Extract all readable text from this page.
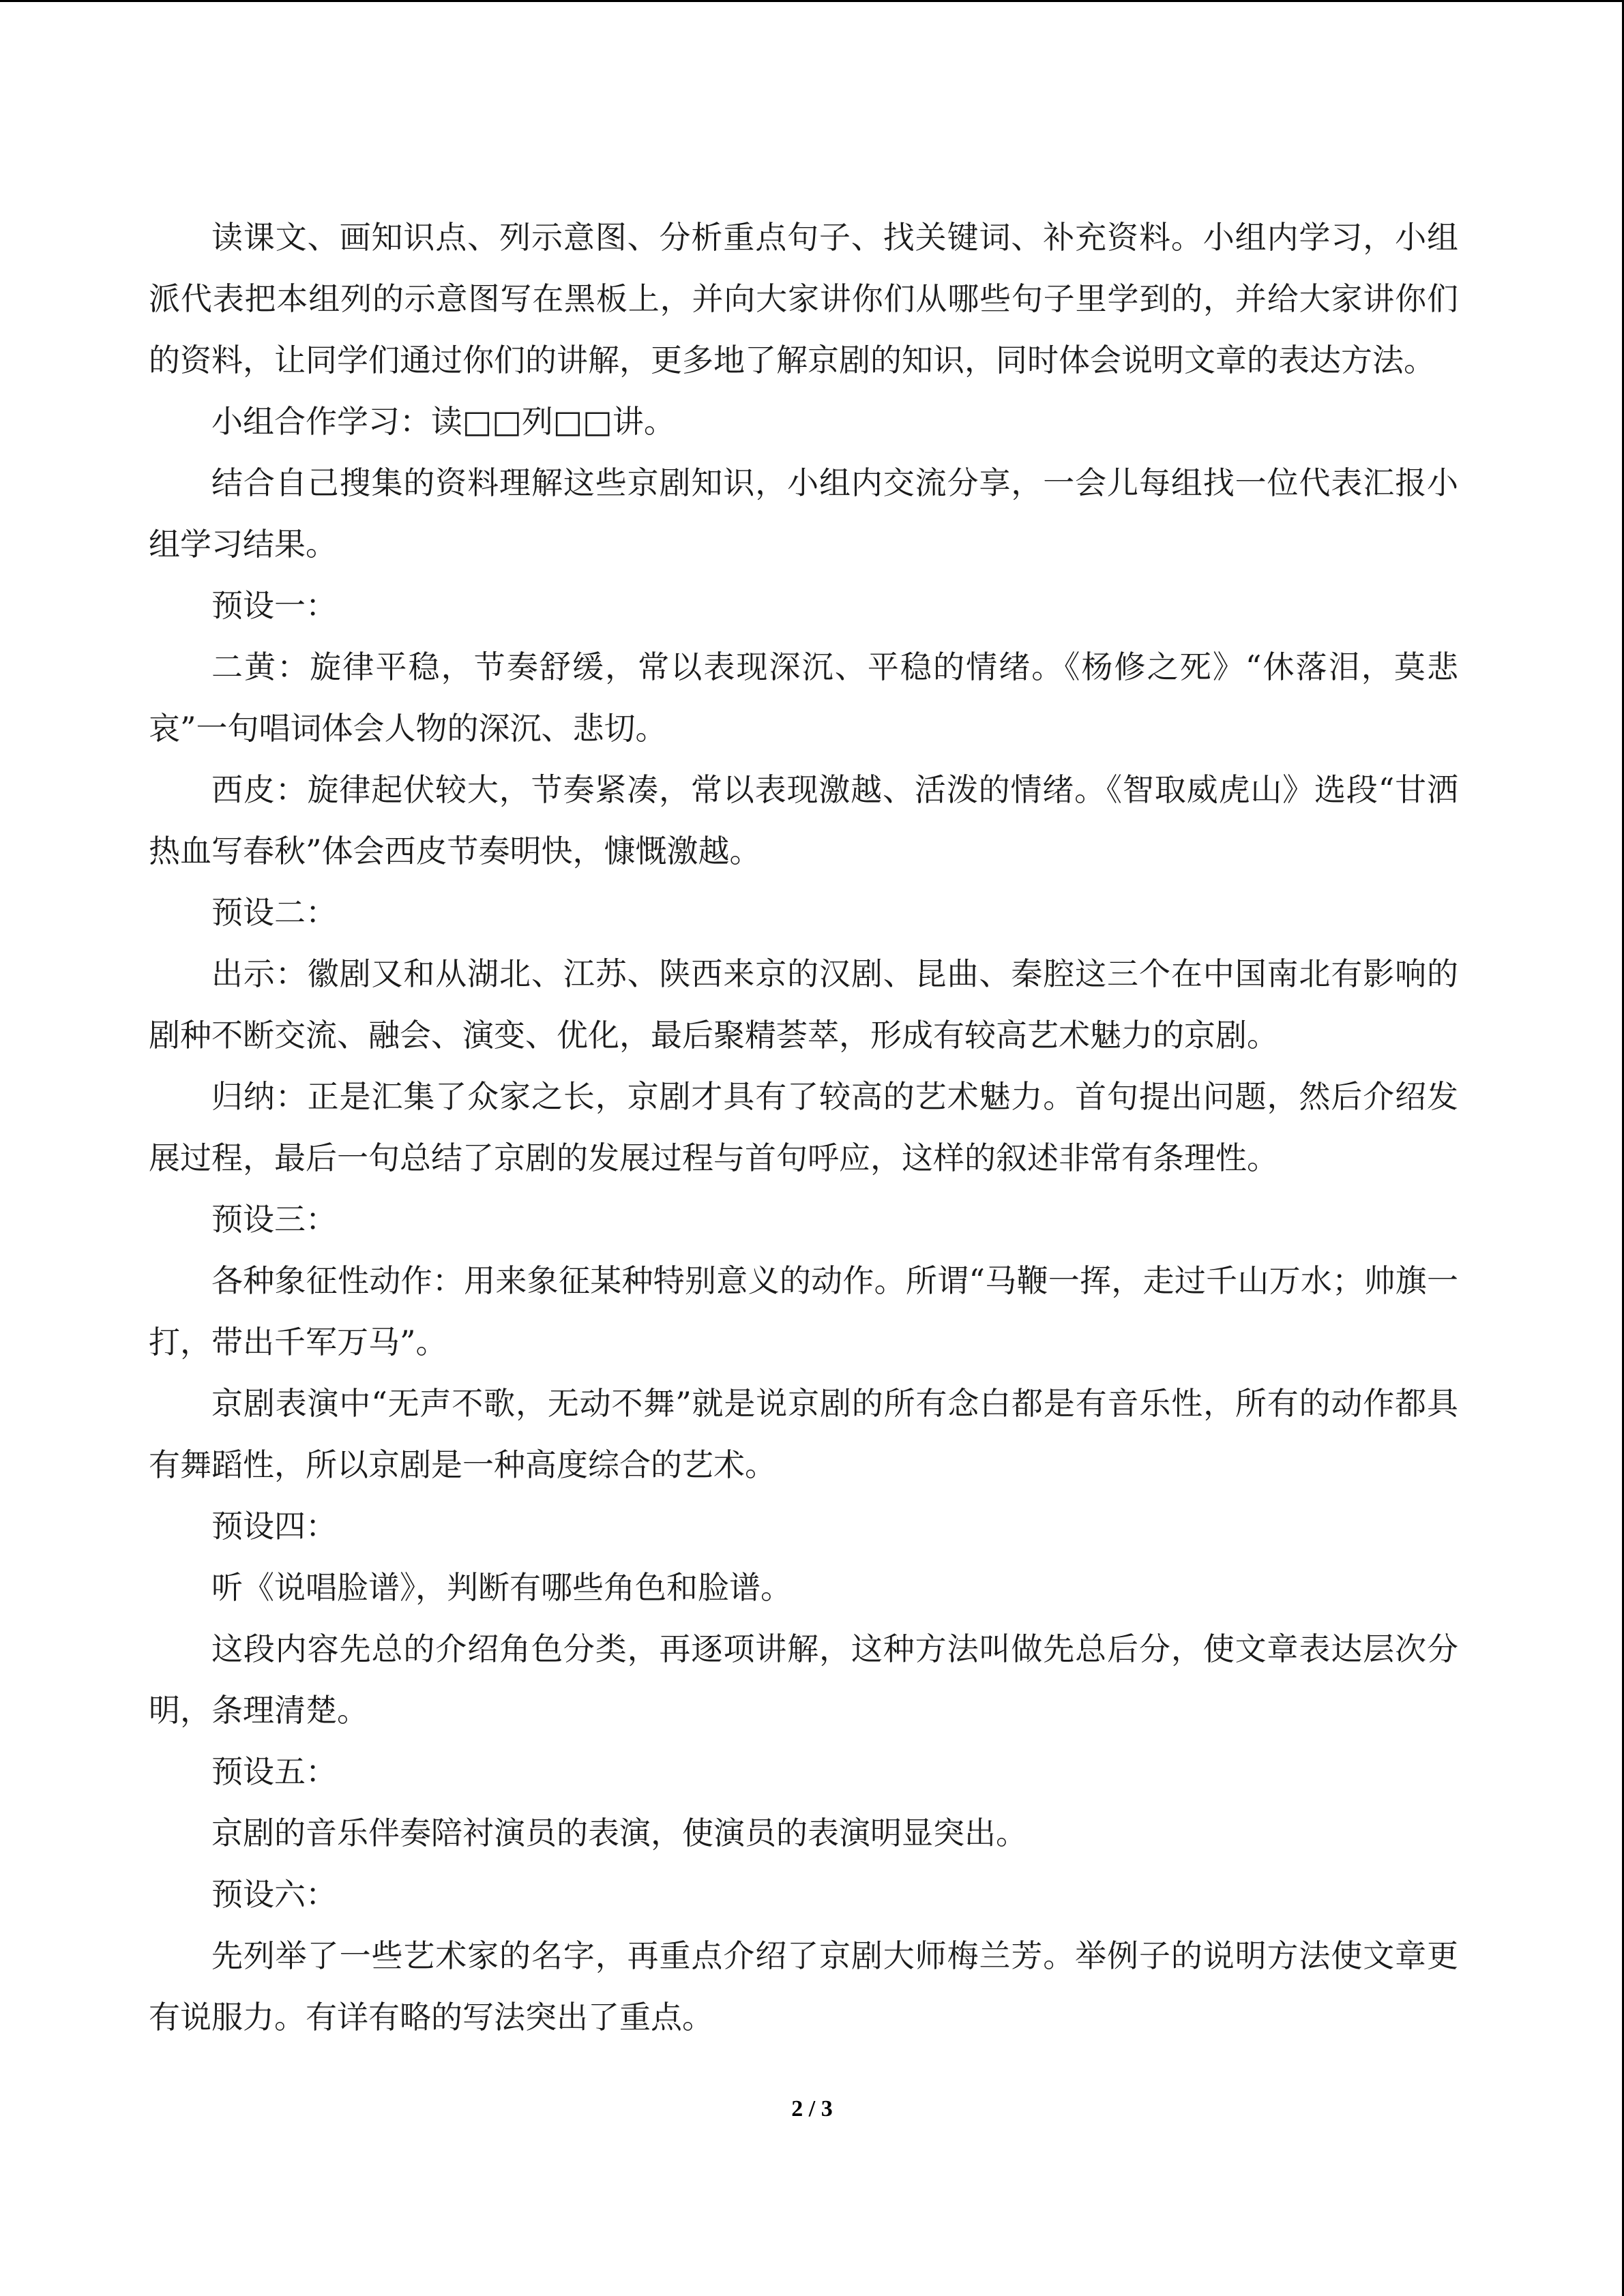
读课文、画知识点、列示意图、分析重点句子、找关键词、补充资料。小组内学习，小组派代表把本组列的示意图写在黑板上，并向大家讲你们从哪些句子里学到的，并给大家讲你们的资料，让同学们通过你们的讲解，更多地了解京剧的知识，同时体会说明文章的表达方法。

小组合作学习：读□□列□□讲。

结合自己搜集的资料理解这些京剧知识，小组内交流分享，一会儿每组找一位代表汇报小组学习结果。

预设一：

二黄：旋律平稳，节奏舒缓，常以表现深沉、平稳的情绪。《杨修之死》“休落泪，莫悲哀”一句唱词体会人物的深沉、悲切。

西皮：旋律起伏较大，节奏紧凑，常以表现激越、活泼的情绪。《智取威虎山》选段“甘洒热血写春秋”体会西皮节奏明快，慷慨激越。

预设二：

出示：徽剧又和从湖北、江苏、陕西来京的汉剧、昆曲、秦腔这三个在中国南北有影响的剧种不断交流、融会、演变、优化，最后聚精荟萃，形成有较高艺术魅力的京剧。

归纳：正是汇集了众家之长，京剧才具有了较高的艺术魅力。首句提出问题，然后介绍发展过程，最后一句总结了京剧的发展过程与首句呼应，这样的叙述非常有条理性。

预设三：

各种象征性动作：用来象征某种特别意义的动作。所谓“马鞭一挥，走过千山万水；帅旗一打，带出千军万马”。

京剧表演中“无声不歌，无动不舞”就是说京剧的所有念白都是有音乐性，所有的动作都具有舞蹈性，所以京剧是一种高度综合的艺术。

预设四：

听《说唱脸谱》，判断有哪些角色和脸谱。

这段内容先总的介绍角色分类，再逐项讲解，这种方法叫做先总后分，使文章表达层次分明，条理清楚。

预设五：

京剧的音乐伴奏陪衬演员的表演，使演员的表演明显突出。

预设六：

先列举了一些艺术家的名字，再重点介绍了京剧大师梅兰芳。举例子的说明方法使文章更有说服力。有详有略的写法突出了重点。

2 / 3
